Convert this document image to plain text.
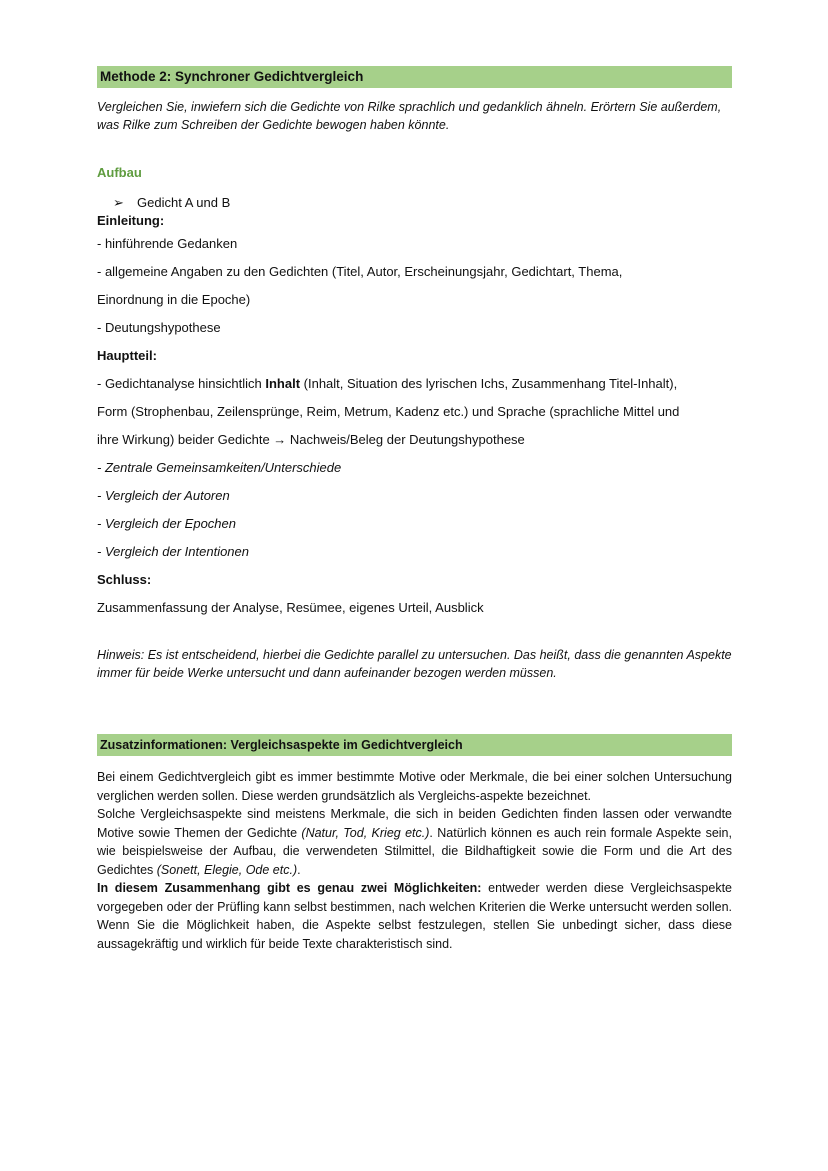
Methode 2: Synchroner Gedichtvergleich
Vergleichen Sie, inwiefern sich die Gedichte von Rilke sprachlich und gedanklich ähneln. Erörtern Sie außerdem, was Rilke zum Schreiben der Gedichte bewogen haben könnte.
Aufbau
➢ Gedicht A und B
Einleitung:
- hinführende Gedanken
- allgemeine Angaben zu den Gedichten (Titel, Autor, Erscheinungsjahr, Gedichtart, Thema,
Einordnung in die Epoche)
- Deutungshypothese
Hauptteil:
- Gedichtanalyse hinsichtlich Inhalt (Inhalt, Situation des lyrischen Ichs, Zusammenhang Titel-Inhalt),
Form (Strophenbau, Zeilensprünge, Reim, Metrum, Kadenz etc.) und Sprache (sprachliche Mittel und
ihre Wirkung) beider Gedichte → Nachweis/Beleg der Deutungshypothese
- Zentrale Gemeinsamkeiten/Unterschiede
- Vergleich der Autoren
- Vergleich der Epochen
- Vergleich der Intentionen
Schluss:
Zusammenfassung der Analyse, Resümee, eigenes Urteil, Ausblick
Hinweis: Es ist entscheidend, hierbei die Gedichte parallel zu untersuchen. Das heißt, dass die genannten Aspekte immer für beide Werke untersucht und dann aufeinander bezogen werden müssen.
Zusatzinformationen: Vergleichsaspekte im Gedichtvergleich

Bei einem Gedichtvergleich gibt es immer bestimmte Motive oder Merkmale, die bei einer solchen Untersuchung verglichen werden sollen. Diese werden grundsätzlich als Vergleichs-aspekte bezeichnet.

Solche Vergleichsaspekte sind meistens Merkmale, die sich in beiden Gedichten finden lassen oder verwandte Motive sowie Themen der Gedichte (Natur, Tod, Krieg etc.). Natürlich können es auch rein formale Aspekte sein, wie beispielsweise der Aufbau, die verwendeten Stilmittel, die Bildhaftigkeit sowie die Form und die Art des Gedichtes (Sonett, Elegie, Ode etc.).

In diesem Zusammenhang gibt es genau zwei Möglichkeiten: entweder werden diese Vergleichsaspekte vorgegeben oder der Prüfling kann selbst bestimmen, nach welchen Kriterien die Werke untersucht werden sollen. Wenn Sie die Möglichkeit haben, die Aspekte selbst festzulegen, stellen Sie unbedingt sicher, dass diese aussagekräftig und wirklich für beide Texte charakteristisch sind.
